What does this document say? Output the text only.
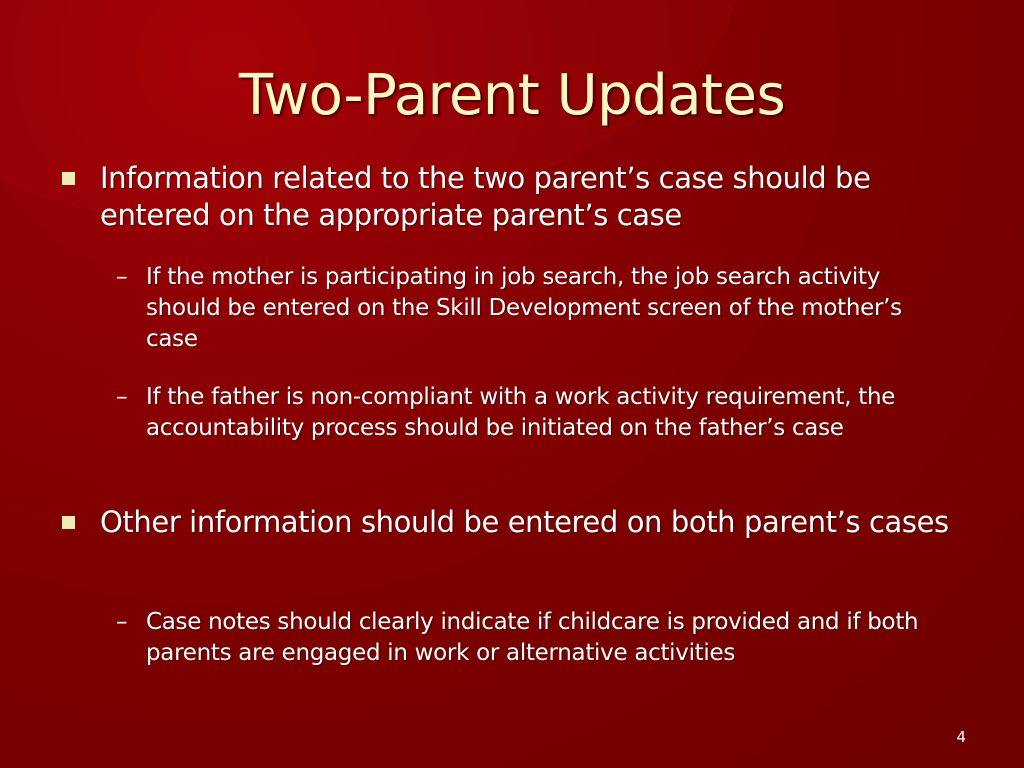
Two-Parent Updates
Information related to the two parent’s case should be entered on the appropriate parent’s case
– If the mother is participating in job search, the job search activity should be entered on the Skill Development screen of the mother’s case
– If the father is non-compliant with a work activity requirement, the accountability process should be initiated on the father’s case
Other information should be entered on both parent’s cases
– Case notes should clearly indicate if childcare is provided and if both parents are engaged in work or alternative activities
4
